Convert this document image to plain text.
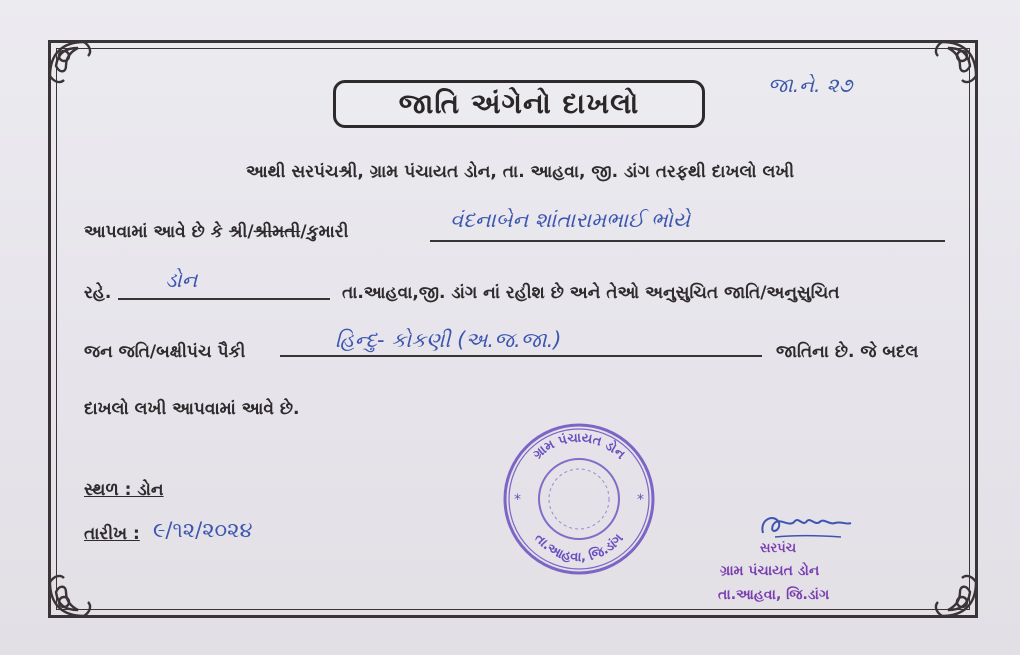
જાતિ અંગેનો દાખલો
જા.ને. ૨૭
આથી સરપંચશ્રી, ગ્રામ પંચાયત ડોન, તા. આહવા, જી. ડાંગ તરફથી દાખલો લખી
આપવામાં આવે છે કે શ્રી/શ્રીમતી/કુમારી	વંદનાબેન શાંતારામભાઈ ભોયે
રહે.
ડોન
તા.આહવા,જી. ડાંગ નાં રહીશ છે અને તેઓ અનુસુચિત જાતિ/અનુસુચિત
જન જતિ/બક્ષીપંચ પૈકી	હિન્દુ- કોકણી (અ.જ.જા.)	જાતિના છે. જે બદલ
દાખલો લખી આપવામાં આવે છે.
સ્થળ : ડોન
તારીખ : ૯/૧૨/૨૦૨૪
ગ્રામ પંચાયત ડોન
તા.આહવા, જિ.ડાંગ
*	*
સરપંચ
ગ્રામ પંચાયત ડોન
તા.આહવા, જિ.ડાંગ
